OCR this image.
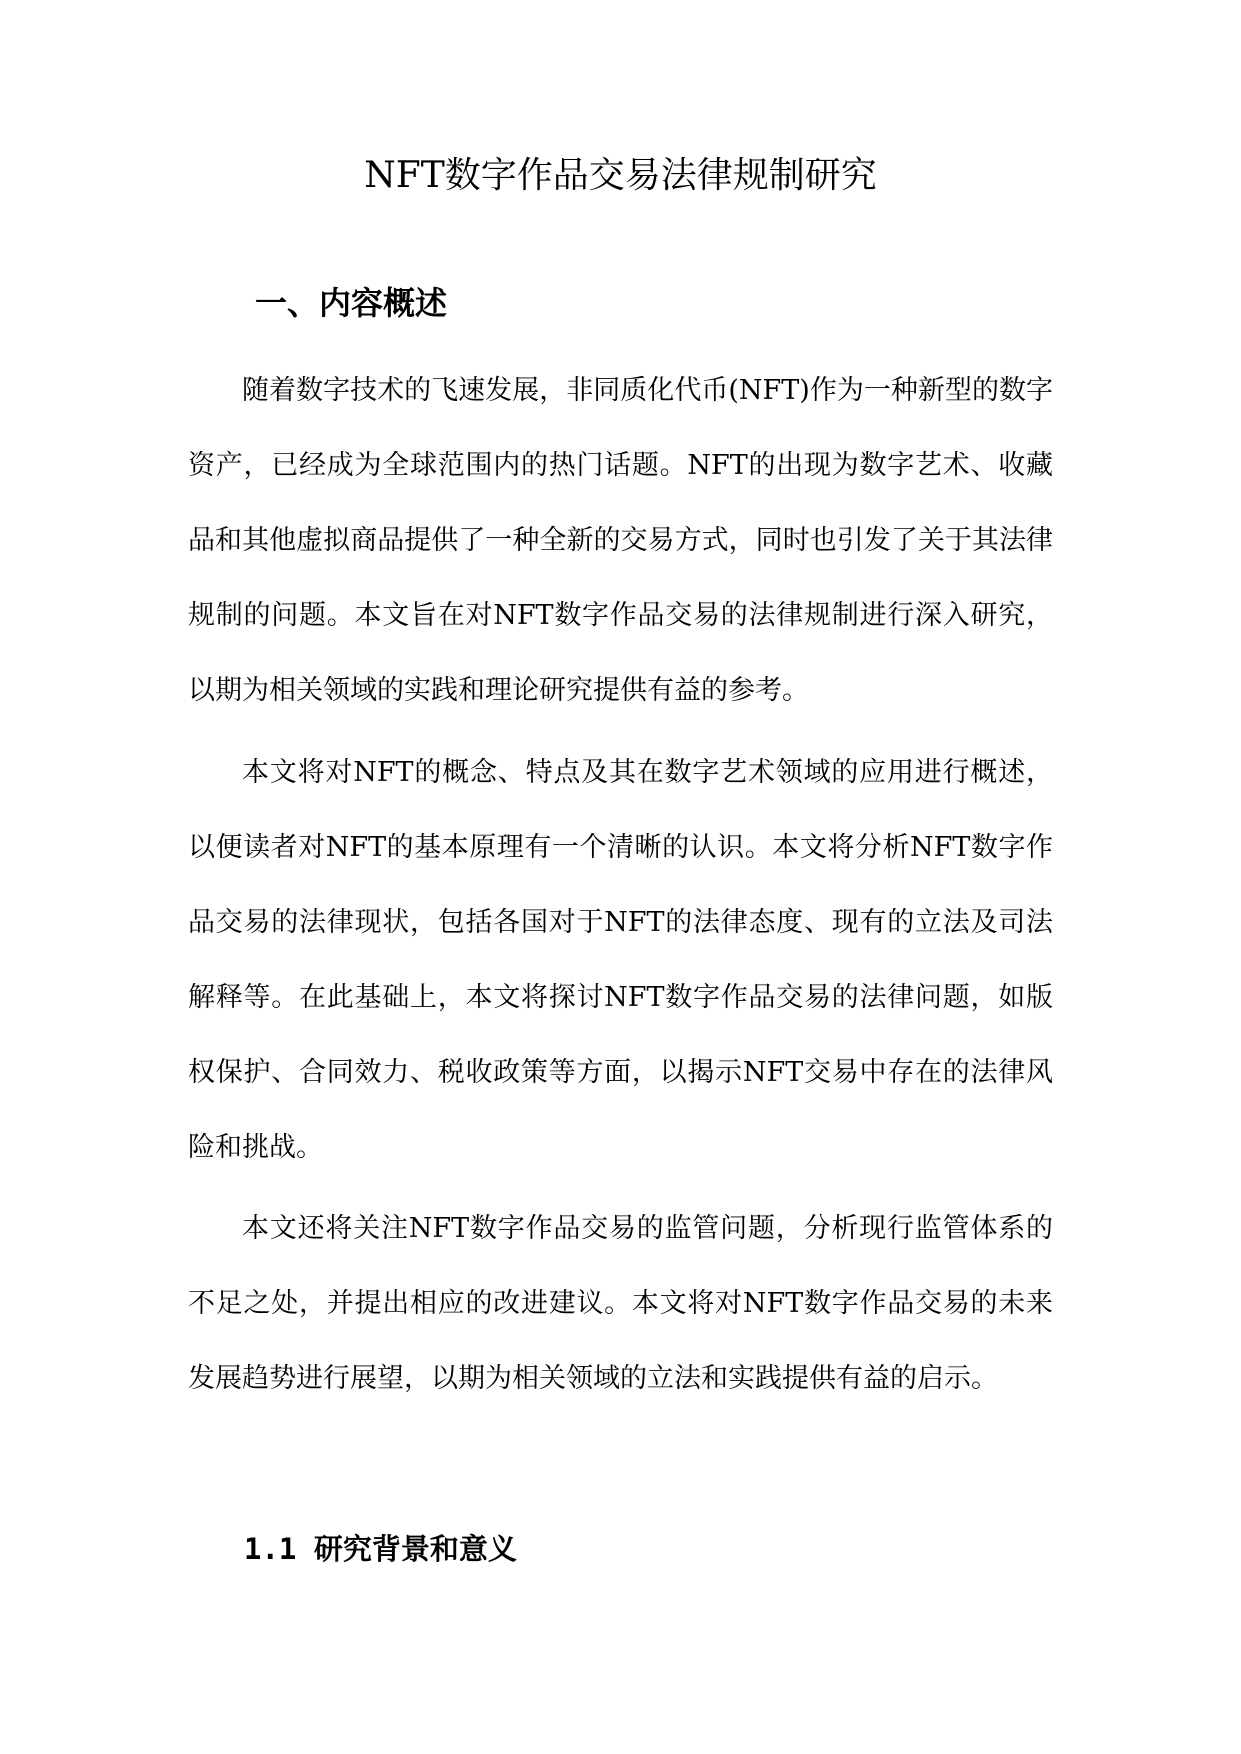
NFT数字作品交易法律规制研究
一、内容概述

随着数字技术的飞速发展，非同质化代币(NFT)作为一种新型的数字资产，已经成为全球范围内的热门话题。NFT的出现为数字艺术、收藏品和其他虚拟商品提供了一种全新的交易方式，同时也引发了关于其法律规制的问题。本文旨在对NFT数字作品交易的法律规制进行深入研究，以期为相关领域的实践和理论研究提供有益的参考。

本文将对NFT的概念、特点及其在数字艺术领域的应用进行概述，以便读者对NFT的基本原理有一个清晰的认识。本文将分析NFT数字作品交易的法律现状，包括各国对于NFT的法律态度、现有的立法及司法解释等。在此基础上，本文将探讨NFT数字作品交易的法律问题，如版权保护、合同效力、税收政策等方面，以揭示NFT交易中存在的法律风险和挑战。

本文还将关注NFT数字作品交易的监管问题，分析现行监管体系的不足之处，并提出相应的改进建议。本文将对NFT数字作品交易的未来发展趋势进行展望，以期为相关领域的立法和实践提供有益的启示。

1.1 研究背景和意义
